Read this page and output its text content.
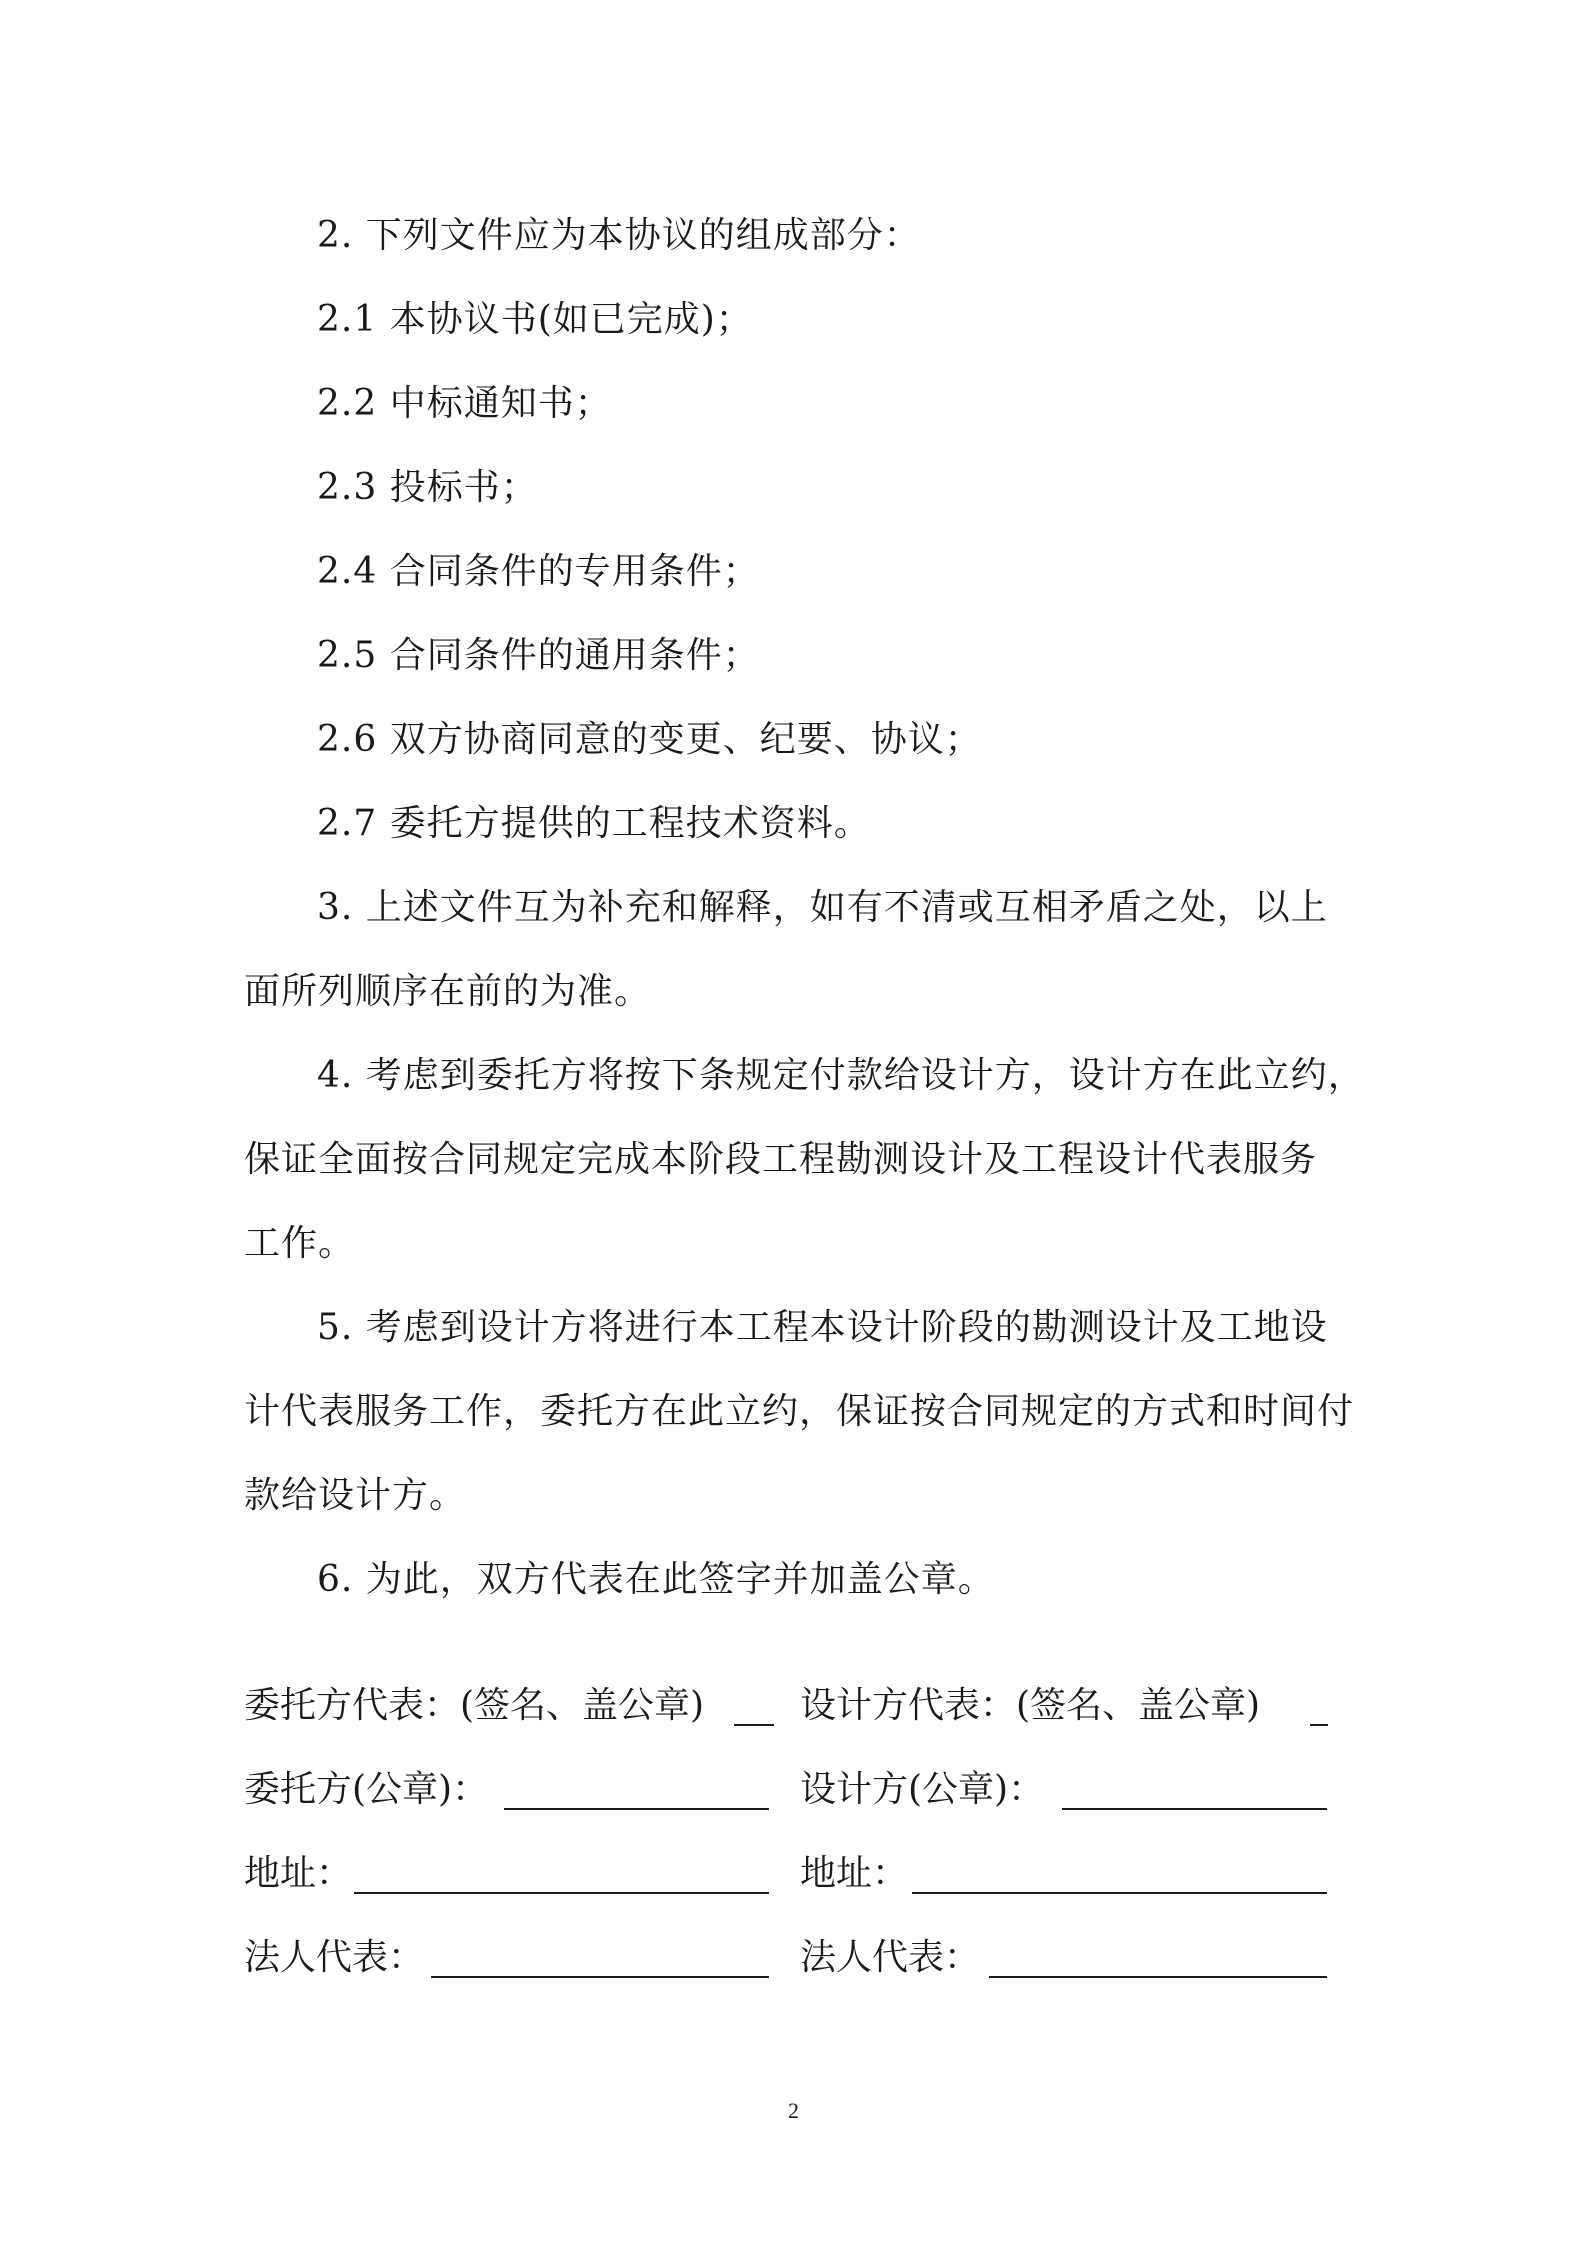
2. 下列文件应为本协议的组成部分：
2.1 本协议书(如已完成)；
2.2 中标通知书；
2.3 投标书；
2.4 合同条件的专用条件；
2.5 合同条件的通用条件；
2.6 双方协商同意的变更、纪要、协议；
2.7 委托方提供的工程技术资料。
3. 上述文件互为补充和解释，如有不清或互相矛盾之处，以上
面所列顺序在前的为准。
4. 考虑到委托方将按下条规定付款给设计方，设计方在此立约，
保证全面按合同规定完成本阶段工程勘测设计及工程设计代表服务
工作。
5. 考虑到设计方将进行本工程本设计阶段的勘测设计及工地设
计代表服务工作，委托方在此立约，保证按合同规定的方式和时间付
款给设计方。
6. 为此，双方代表在此签字并加盖公章。
委托方代表：(签名、盖公章)	设计方代表：(签名、盖公章)
委托方(公章)：	设计方(公章)：
地址：	地址：
法人代表：	法人代表：
2
